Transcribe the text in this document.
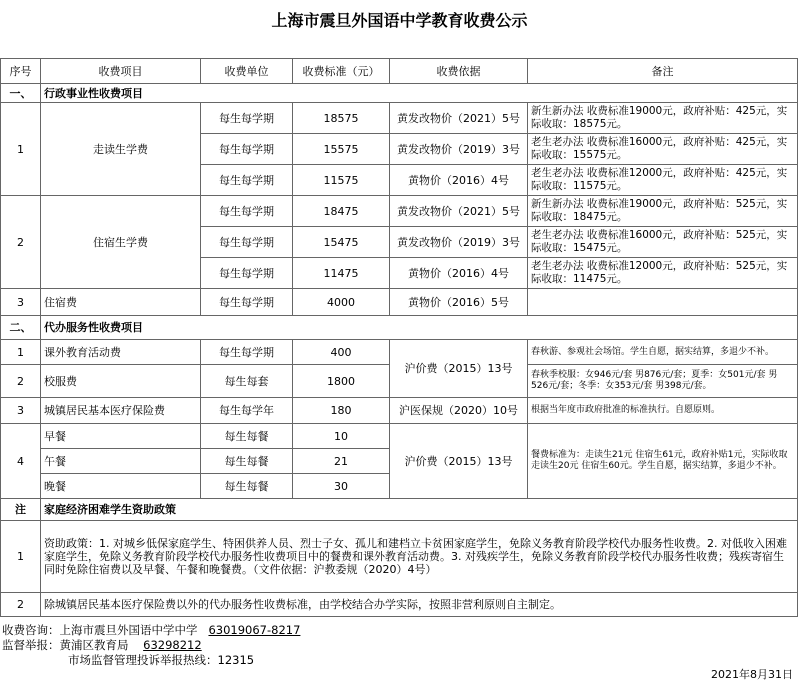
上海市震旦外国语中学教育收费公示
序号	收费项目	收费单位	收费标准（元）	收费依据	备注
一、	行政事业性收费项目				
1	走读生学费	每生每学期	18575	黄发改物价（2021）5号	新生新办法 收费标准19000元，政府补贴：425元，实际收取：18575元。
		每生每学期	15575	黄发改物价（2019）3号	老生老办法 收费标准16000元，政府补贴：425元，实际收取：15575元。
		每生每学期	11575	黄物价（2016）4号	老生老办法 收费标准12000元，政府补贴：425元，实际收取：11575元。
2	住宿生学费	每生每学期	18475	黄发改物价（2021）5号	新生新办法 收费标准19000元，政府补贴：525元，实际收取：18475元。
		每生每学期	15475	黄发改物价（2019）3号	老生老办法 收费标准16000元，政府补贴：525元，实际收取：15475元。
		每生每学期	11475	黄物价（2016）4号	老生老办法 收费标准12000元，政府补贴：525元，实际收取：11475元。
3	住宿费	每生每学期	4000	黄物价（2016）5号	
二、	代办服务性收费项目				
1	课外教育活动费	每生每学期	400	沪价费（2015）13号	春秋游、参观社会场馆。学生自愿，据实结算，多退少不补。
2	校服费	每生每套	1800		春秋季校服：女946元/套 男876元/套；夏季：女501元/套 男526元/套；冬季：女353元/套 男398元/套。
3	城镇居民基本医疗保险费	每生每学年	180	沪医保规（2020）10号	根据当年度市政府批准的标准执行。自愿原则。
4	早餐	每生每餐	10	沪价费（2015）13号	餐费标准为：走读生21元 住宿生61元，政府补贴1元，实际收取走读生20元 住宿生60元。学生自愿，据实结算，多退少不补。
	午餐	每生每餐	21		
	晚餐	每生每餐	30		
注	家庭经济困难学生资助政策				
1	资助政策：1. 对城乡低保家庭学生、特困供养人员、烈士子女、孤儿和建档立卡贫困家庭学生，免除义务教育阶段学校代办服务性收费。2. 对低收入困难家庭学生，免除义务教育阶段学校代办服务性收费项目中的餐费和课外教育活动费。3. 对残疾学生，免除义务教育阶段学校代办服务性收费；残疾寄宿生同时免除住宿费以及早餐、午餐和晚餐费。（文件依据：沪教委规（2020）4号）				
2	除城镇居民基本医疗保险费以外的代办服务性收费标准，由学校结合办学实际，按照非营利原则自主制定。				
收费咨询：上海市震旦外国语中学中学 63019067-8217
监督举报：黄浦区教育局 63298212
市场监督管理投诉举报热线：12315
2021年8月31日
